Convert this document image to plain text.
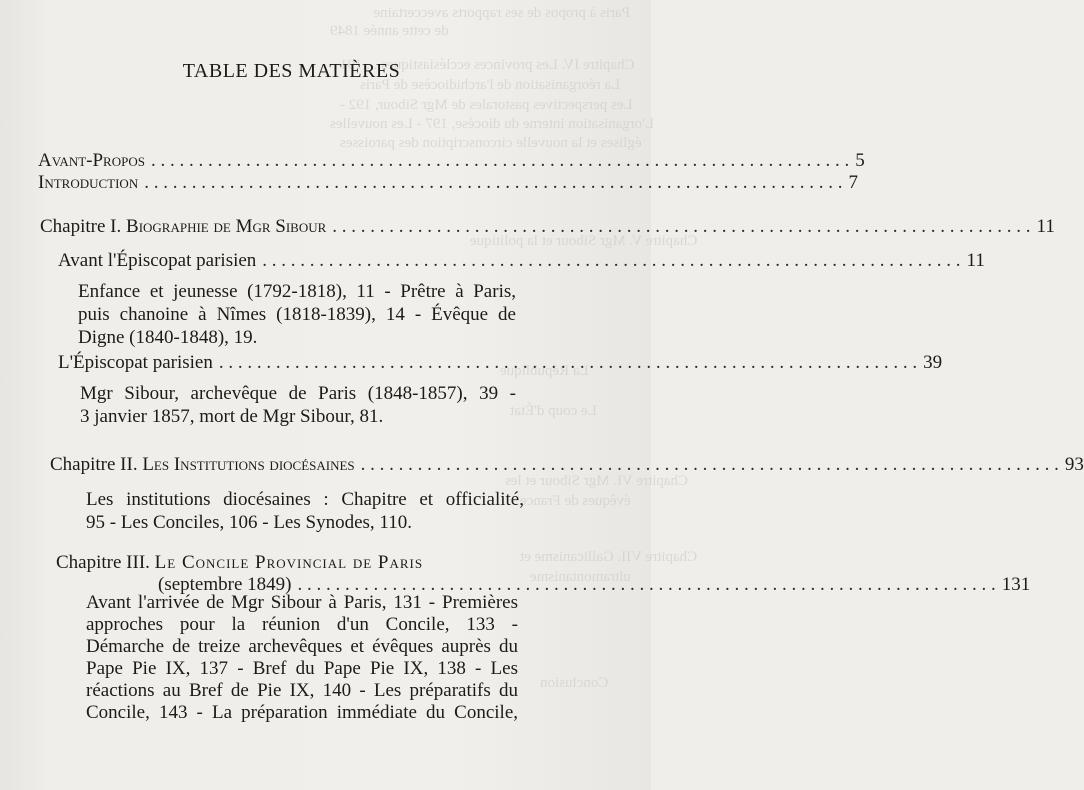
Paris à propos de ses rapports aveccertaine
de cette année 1849
Chapitre IV. Les provinces ecclésiastiques ... 191
La réorganisation de l'archidiocèse de Paris
Les perspectives pastorales de Mgr Sibour, 192 -
L'organisation interne du diocèse, 197 - Les nouvelles
églises et la nouvelle circonscription des paroisses
Chapitre V. Mgr Sibour et la politique
La République
Le coup d'État
Chapitre VI. Mgr Sibour et les
évêques de France
Chapitre VII. Gallicanisme et
ultramontanisme
Conclusion
TABLE DES MATIÈRES
Avant-Propos . . .	5
Introduction . . .	7
Chapitre I. Biographie de Mgr Sibour . . .	11
Avant l'Épiscopat parisien . . .	11
Enfance et jeunesse (1792-1818), 11 - Prêtre à Paris,
puis chanoine à Nîmes (1818-1839), 14 - Évêque de
Digne (1840-1848), 19.
L'Épiscopat parisien . . .	39
Mgr Sibour, archevêque de Paris (1848-1857), 39 -
3 janvier 1857, mort de Mgr Sibour, 81.
Chapitre II. Les Institutions diocésaines . . .	93
Les institutions diocésaines : Chapitre et officialité,
95 - Les Conciles, 106 - Les Synodes, 110.
Chapitre III. Le Concile Provincial de Paris
(septembre 1849) . . .	131
Avant l'arrivée de Mgr Sibour à Paris, 131 - Premières
approches pour la réunion d'un Concile, 133 -
Démarche de treize archevêques et évêques auprès du
Pape Pie IX, 137 - Bref du Pape Pie IX, 138 - Les
réactions au Bref de Pie IX, 140 - Les préparatifs du
Concile, 143 - La préparation immédiate du Concile,
